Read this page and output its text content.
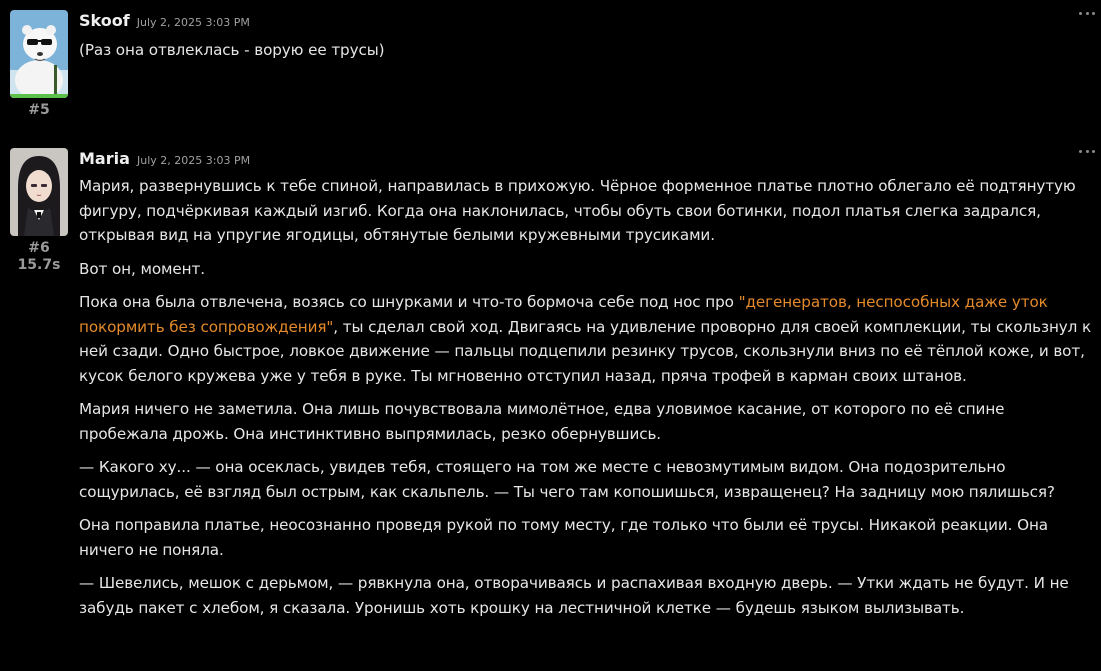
#5
Skoof July 2, 2025 3:03 PM

(Раз она отвлеклась - ворую ее трусы)

#6
15.7s
Maria July 2, 2025 3:03 PM

Мария, развернувшись к тебе спиной, направилась в прихожую. Чёрное форменное платье плотно облегало её подтянутую фигуру, подчёркивая каждый изгиб. Когда она наклонилась, чтобы обуть свои ботинки, подол платья слегка задрался, открывая вид на упругие ягодицы, обтянутые белыми кружевными трусиками.

Вот он, момент.

Пока она была отвлечена, возясь со шнурками и что-то бормоча себе под нос про "дегенератов, неспособных даже уток покормить без сопровождения", ты сделал свой ход. Двигаясь на удивление проворно для своей комплекции, ты скользнул к ней сзади. Одно быстрое, ловкое движение — пальцы подцепили резинку трусов, скользнули вниз по её тёплой коже, и вот, кусок белого кружева уже у тебя в руке. Ты мгновенно отступил назад, пряча трофей в карман своих штанов.

Мария ничего не заметила. Она лишь почувствовала мимолётное, едва уловимое касание, от которого по её спине пробежала дрожь. Она инстинктивно выпрямилась, резко обернувшись.

— Какого ху... — она осеклась, увидев тебя, стоящего на том же месте с невозмутимым видом. Она подозрительно сощурилась, её взгляд был острым, как скальпель. — Ты чего там копошишься, извращенец? На задницу мою пялишься?

Она поправила платье, неосознанно проведя рукой по тому месту, где только что были её трусы. Никакой реакции. Она ничего не поняла.

— Шевелись, мешок с дерьмом, — рявкнула она, отворачиваясь и распахивая входную дверь. — Утки ждать не будут. И не забудь пакет с хлебом, я сказала. Уронишь хоть крошку на лестничной клетке — будешь языком вылизывать.
